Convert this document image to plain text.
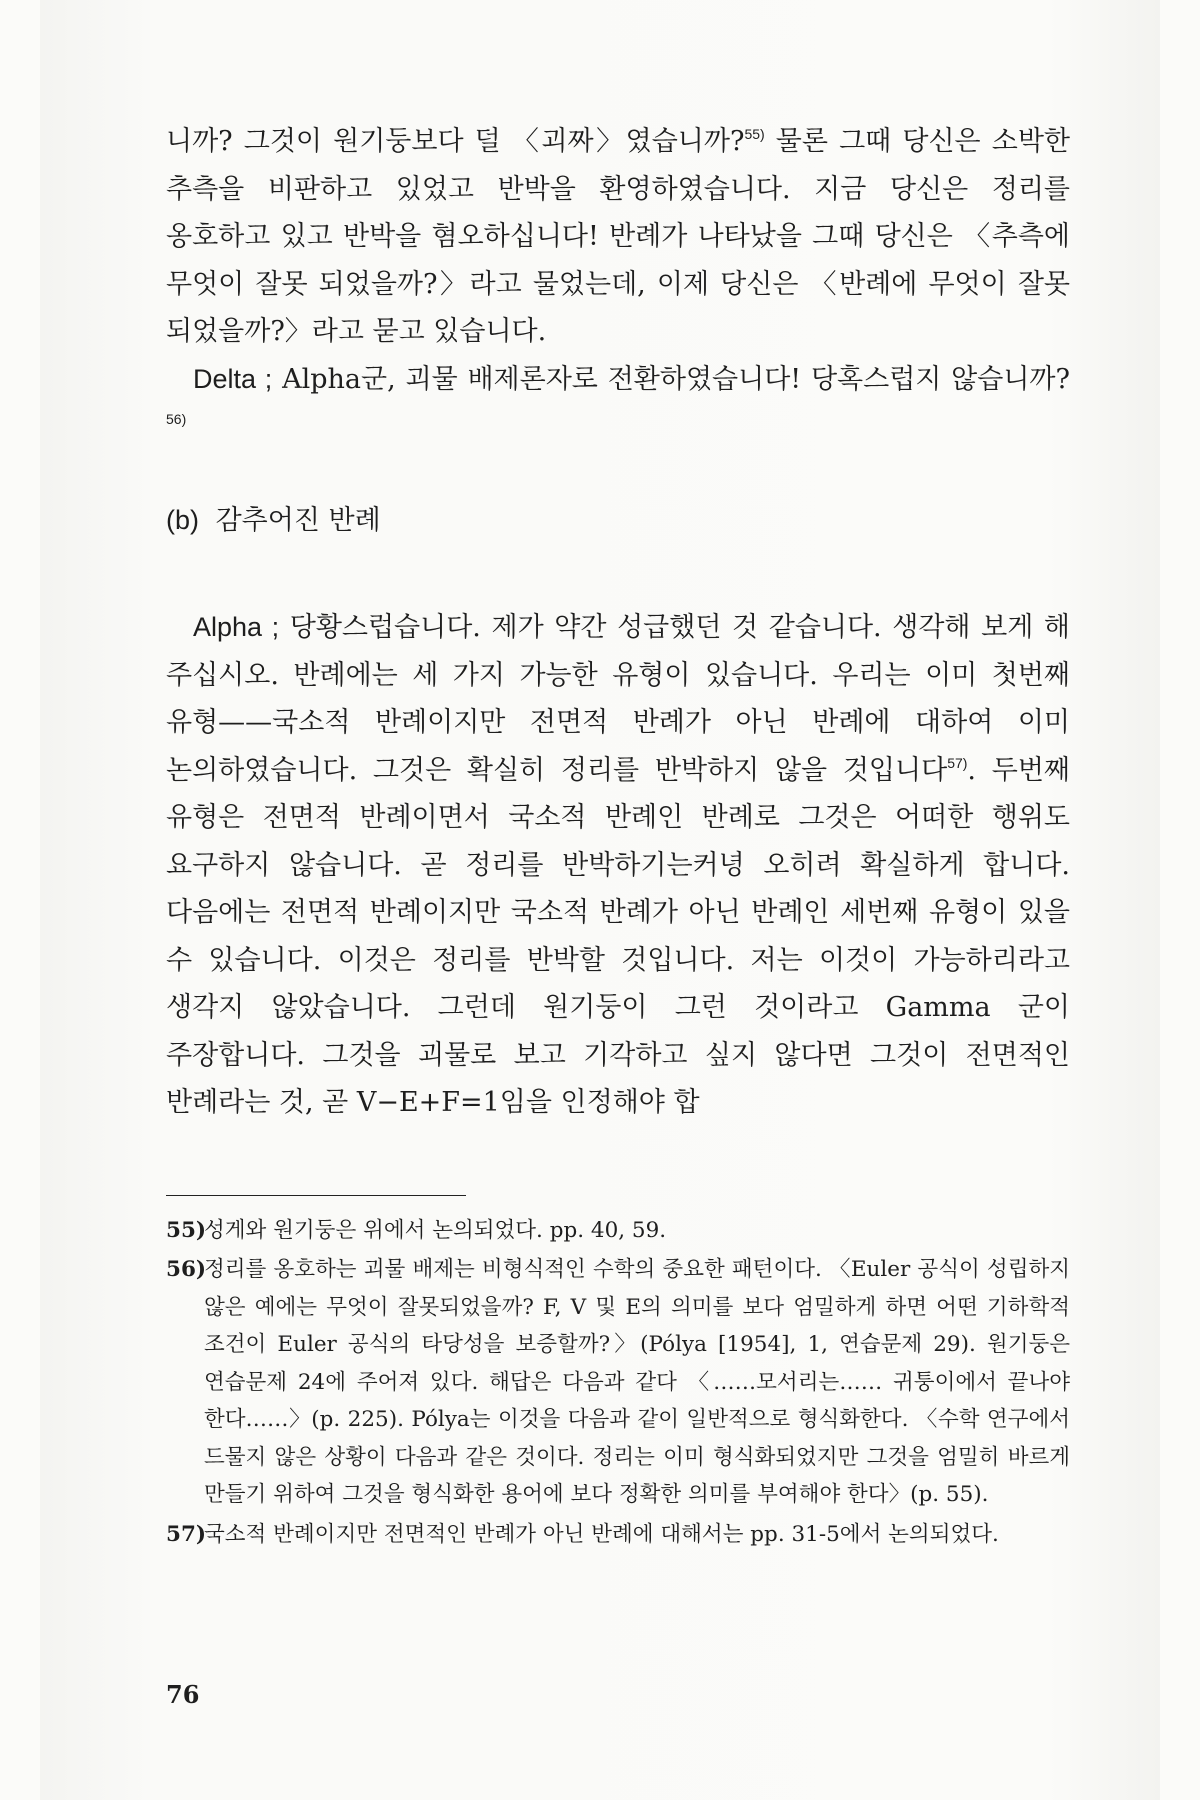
니까? 그것이 원기둥보다 덜 〈괴짜〉였습니까?$^{55)}$ 물론 그때 당신은 소박한 추측을 비판하고 있었고 반박을 환영하였습니다. 지금 당신은 정리를 옹호하고 있고 반박을 혐오하십니다! 반례가 나타났을 그때 당신은 〈추측에 무엇이 잘못 되었을까?〉라고 물었는데, 이제 당신은 〈반례에 무엇이 잘못 되었을까?〉라고 묻고 있습니다.

Delta ; Alpha군, 괴물 배제론자로 전환하였습니다! 당혹스럽지 않습니까?$^{56)}$

(b) 감추어진 반례

Alpha ; 당황스럽습니다. 제가 약간 성급했던 것 같습니다. 생각해 보게 해 주십시오. 반례에는 세 가지 가능한 유형이 있습니다. 우리는 이미 첫번째 유형——국소적 반례이지만 전면적 반례가 아닌 반례에 대하여 이미 논의하였습니다. 그것은 확실히 정리를 반박하지 않을 것입니다$^{57)}$. 두번째 유형은 전면적 반례이면서 국소적 반례인 반례로 그것은 어떠한 행위도 요구하지 않습니다. 곧 정리를 반박하기는커녕 오히려 확실하게 합니다. 다음에는 전면적 반례이지만 국소적 반례가 아닌 반례인 세번째 유형이 있을 수 있습니다. 이것은 정리를 반박할 것입니다. 저는 이것이 가능하리라고 생각지 않았습니다. 그런데 원기둥이 그런 것이라고 Gamma 군이 주장합니다. 그것을 괴물로 보고 기각하고 싶지 않다면 그것이 전면적인 반례라는 것, 곧 V−E+F=1임을 인정해야 합

55)
성게와 원기둥은 위에서 논의되었다. pp. 40, 59.
56)
정리를 옹호하는 괴물 배제는 비형식적인 수학의 중요한 패턴이다. 〈Euler 공식이 성립하지 않은 예에는 무엇이 잘못되었을까? F, V 및 E의 의미를 보다 엄밀하게 하면 어떤 기하학적 조건이 Euler 공식의 타당성을 보증할까?〉(Pólya [1954], 1, 연습문제 29). 원기둥은 연습문제 24에 주어져 있다. 해답은 다음과 같다 〈……모서리는…… 귀퉁이에서 끝나야 한다……〉(p. 225). Pólya는 이것을 다음과 같이 일반적으로 형식화한다. 〈수학 연구에서 드물지 않은 상황이 다음과 같은 것이다. 정리는 이미 형식화되었지만 그것을 엄밀히 바르게 만들기 위하여 그것을 형식화한 용어에 보다 정확한 의미를 부여해야 한다〉(p. 55).
57)
국소적 반례이지만 전면적인 반례가 아닌 반례에 대해서는 pp. 31-5에서 논의되었다.
76
